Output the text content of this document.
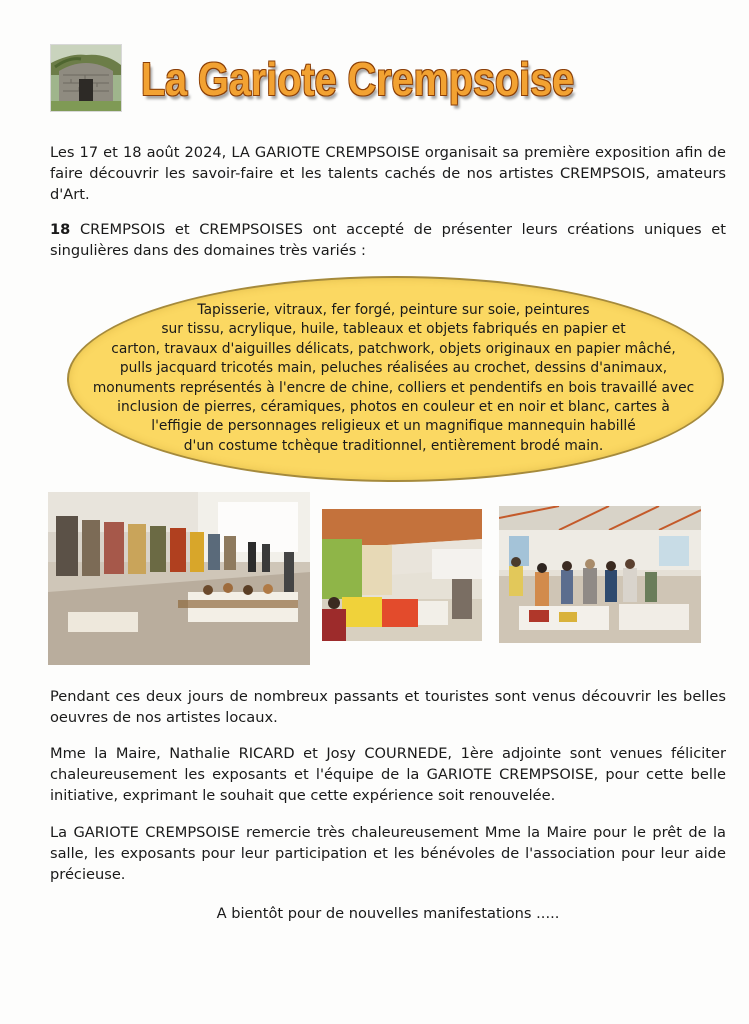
La Gariote Crempsoise

Les 17 et 18 août 2024, LA GARIOTE CREMPSOISE organisait sa première exposition afin de faire découvrir les savoir-faire et les talents cachés de nos artistes CREMPSOIS, amateurs d'Art.

18 CREMPSOIS et CREMPSOISES ont accepté de présenter leurs créations uniques et singulières dans des domaines très variés :

Tapisserie, vitraux, fer forgé, peinture sur soie, peintures
sur tissu, acrylique, huile, tableaux et objets fabriqués en papier et
carton, travaux d'aiguilles délicats, patchwork, objets originaux en papier mâché,
pulls jacquard tricotés main, peluches réalisées au crochet, dessins d'animaux,
monuments représentés à l'encre de chine, colliers et pendentifs en bois travaillé avec
inclusion de pierres, céramiques, photos en couleur et en noir et blanc, cartes à
l'effigie de personnages religieux et un magnifique mannequin habillé
d'un costume tchèque traditionnel, entièrement brodé main.

Pendant ces deux jours de nombreux passants et touristes sont venus découvrir les belles oeuvres de nos artistes locaux.

Mme la Maire, Nathalie RICARD et Josy COURNEDE, 1ère adjointe sont venues féliciter chaleureusement les exposants et l'équipe de la GARIOTE CREMPSOISE, pour cette belle initiative, exprimant le souhait que cette expérience soit renouvelée.

La GARIOTE CREMPSOISE remercie très chaleureusement Mme la Maire pour le prêt de la salle, les exposants pour leur participation et les bénévoles de l'association pour leur aide précieuse.

A bientôt pour de nouvelles manifestations .....
